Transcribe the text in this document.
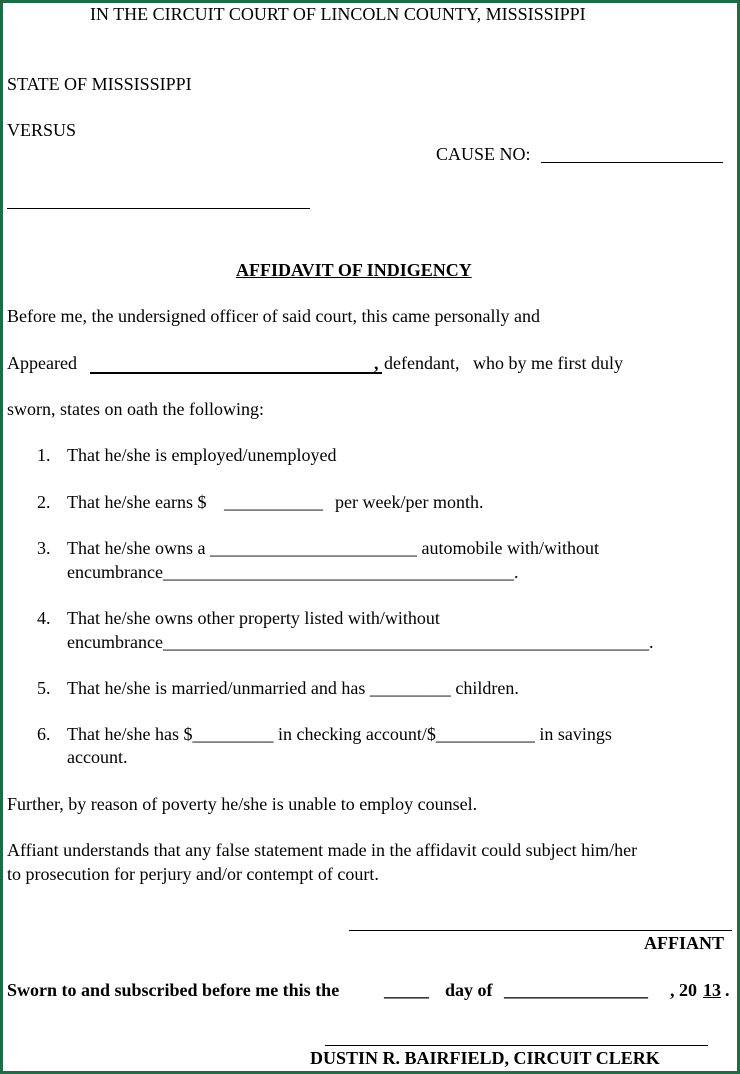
IN THE CIRCUIT COURT OF LINCOLN COUNTY, MISSISSIPPI
STATE OF MISSISSIPPI
VERSUS
CAUSE NO:
AFFIDAVIT OF INDIGENCY
Before me, the undersigned officer of said court, this came personally and
Appeared	, defendant, who by me first duly
sworn, states on oath the following:
1. That he/she is employed/unemployed
2. That he/she earns $ ___________ per week/per month.
3. That he/she owns a _______________________ automobile with/without
encumbrance_______________________________________.
4. That he/she owns other property listed with/without
encumbrance______________________________________________________.
5. That he/she is married/unmarried and has _________ children.
6. That he/she has $_________ in checking account/$___________ in savings
account.
Further, by reason of poverty he/she is unable to employ counsel.
Affiant understands that any false statement made in the affidavit could subject him/her
to prosecution for perjury and/or contempt of court.
AFFIANT
Sworn to and subscribed before me this the _____ day of ________________ , 20 13 .
DUSTIN R. BAIRFIELD, CIRCUIT CLERK
